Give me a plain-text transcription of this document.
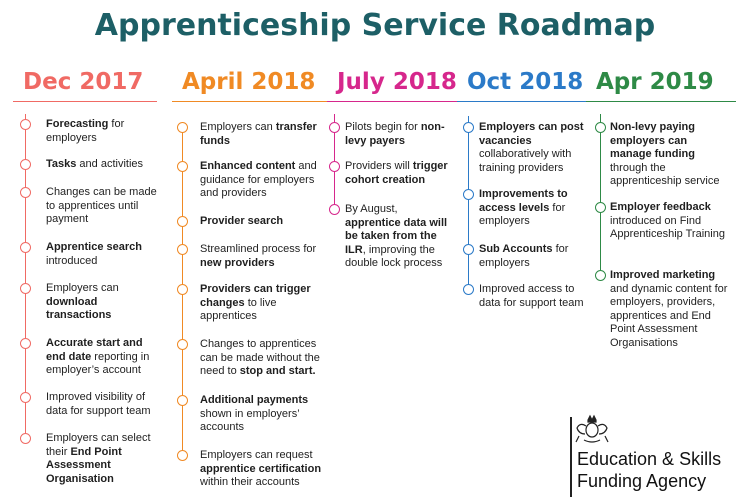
Apprenticeship Service Roadmap
Dec 2017
Forecasting for employers
Tasks and activities
Changes can be made to apprentices until payment
Apprentice search introduced
Employers can download transactions
Accurate start and end date reporting in employer’s account
Improved visibility of data for support team
Employers can select their End Point Assessment Organisation
April 2018
Employers can transfer funds
Enhanced content and guidance for employers and providers
Provider search
Streamlined process for new providers
Providers can trigger changes to live apprentices
Changes to apprentices can be made without the need to stop and start.
Additional payments shown in employers’ accounts
Employers can request apprentice certification within their accounts
July 2018
Pilots begin for non-levy payers
Providers will trigger cohort creation
By August, apprentice data will be taken from the ILR, improving the double lock process
Oct 2018
Employers can post vacancies collaboratively with training providers
Improvements to access levels for employers
Sub Accounts for employers
Improved access to data for support team
Apr 2019
Non-levy paying employers can manage funding through the apprenticeship service
Employer feedback introduced on Find Apprenticeship Training
Improved marketing and dynamic content for employers, providers, apprentices and End Point Assessment Organisations
Education & Skills
Funding Agency
